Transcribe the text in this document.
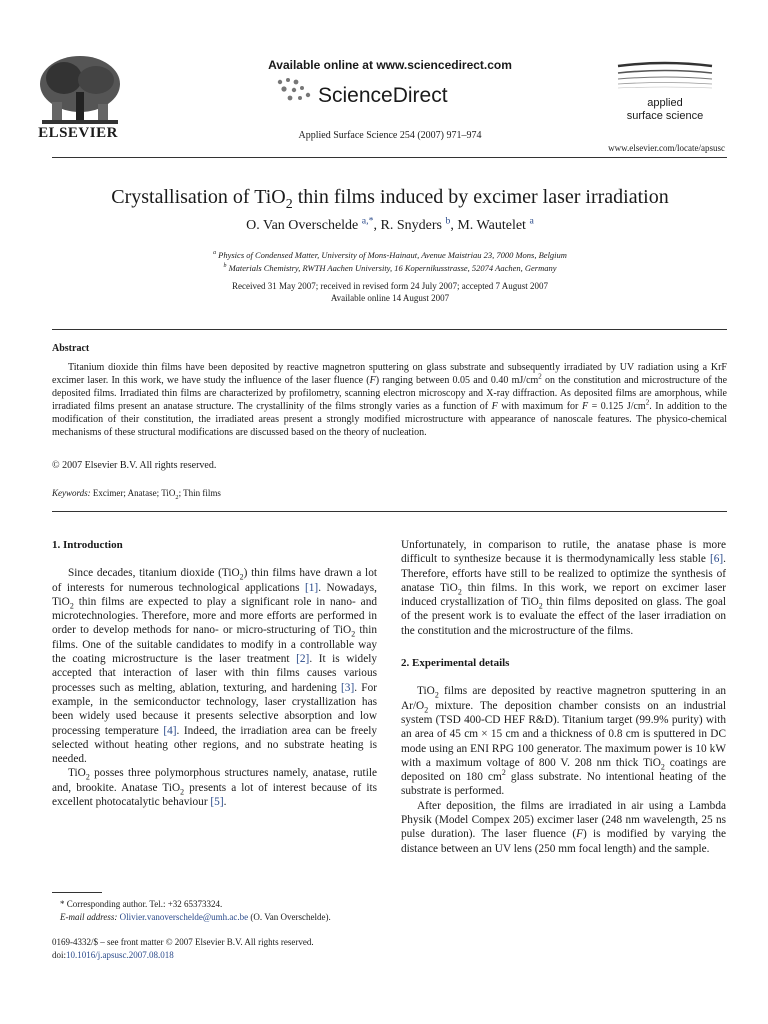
ELSEVIER
Available online at www.sciencedirect.com
ScienceDirect
Applied Surface Science 254 (2007) 971–974
applied
surface science
www.elsevier.com/locate/apsusc
Crystallisation of TiO$_2$ thin films induced by excimer laser irradiation
O. Van Overschelde $^{a,*}$, R. Snyders $^b$, M. Wautelet $^a$
$^a$ Physics of Condensed Matter, University of Mons-Hainaut, Avenue Maistriau 23, 7000 Mons, Belgium
$^b$ Materials Chemistry, RWTH Aachen University, 16 Kopernikusstrasse, 52074 Aachen, Germany
Received 31 May 2007; received in revised form 24 July 2007; accepted 7 August 2007
Available online 14 August 2007
Abstract
Titanium dioxide thin films have been deposited by reactive magnetron sputtering on glass substrate and subsequently irradiated by UV radiation using a KrF excimer laser. In this work, we have study the influence of the laser fluence (F) ranging between 0.05 and 0.40 $mJ/cm^2$ on the constitution and microstructure of the deposited films. Irradiated thin films are characterized by profilometry, scanning electron microscopy and X-ray diffraction. As deposited films are amorphous, while irradiated films present an anatase structure. The crystallinity of the films strongly varies as a function of F with maximum for F = 0.125 $J/cm^2$. In addition to the modification of their constitution, the irradiated areas present a strongly modified microstructure with appearance of nanoscale features. The physico-chemical mechanisms of these structural modifications are discussed based on the theory of nucleation.
© 2007 Elsevier B.V. All rights reserved.
Keywords: Excimer; Anatase; TiO$_2$; Thin films
1. Introduction

Since decades, titanium dioxide (TiO$_2$) thin films have drawn a lot of interests for numerous technological applications [1]. Nowadays, TiO$_2$ thin films are expected to play a significant role in nano- and microtechnologies. Therefore, more and more efforts are performed in order to develop methods for nano- or micro-structuring of TiO$_2$ thin films. One of the suitable candidates to modify in a controllable way the coating microstructure is the laser treatment [2]. It is widely accepted that interaction of laser with thin films causes various processes such as melting, ablation, texturing, and hardening [3]. For example, in the semiconductor technology, laser crystallization has been widely used because it presents selective absorption and low processing temperature [4]. Indeed, the irradiation area can be freely selected without heating other regions, and no substrate heating is needed.

TiO$_2$ posses three polymorphous structures namely, anatase, rutile and, brookite. Anatase TiO$_2$ presents a lot of interest because of its excellent photocatalytic behaviour [5].

* Corresponding author. Tel.: +32 65373324.
E-mail address: Olivier.vanoverschelde@umh.ac.be (O. Van Overschelde).
0169-4332/$ – see front matter © 2007 Elsevier B.V. All rights reserved.
doi:10.1016/j.apsusc.2007.08.018

Unfortunately, in comparison to rutile, the anatase phase is more difficult to synthesize because it is thermodynamically less stable [6]. Therefore, efforts have still to be realized to optimize the synthesis of anatase TiO$_2$ thin films. In this work, we report on excimer laser induced crystallization of TiO$_2$ thin films deposited on glass. The goal of the present work is to evaluate the effect of the laser irradiation on the constitution and the microstructure of the films.

2. Experimental details

TiO$_2$ films are deposited by reactive magnetron sputtering in an $Ar/O_2$ mixture. The deposition chamber consists on an industrial system (TSD 400-CD HEF R&D). Titanium target (99.9% purity) with an area of 45 cm × 15 cm and a thickness of 0.8 cm is sputtered in DC mode using an ENI RPG 100 generator. The maximum power is 10 kW with a maximum voltage of 800 V. 208 nm thick TiO$_2$ coatings are deposited on 180 $cm^2$ glass substrate. No intentional heating of the substrate is performed.

After deposition, the films are irradiated in air using a Lambda Physik (Model Compex 205) excimer laser (248 nm wavelength, 25 ns pulse duration). The laser fluence (F) is modified by varying the distance between an UV lens (250 mm focal length) and the sample.
